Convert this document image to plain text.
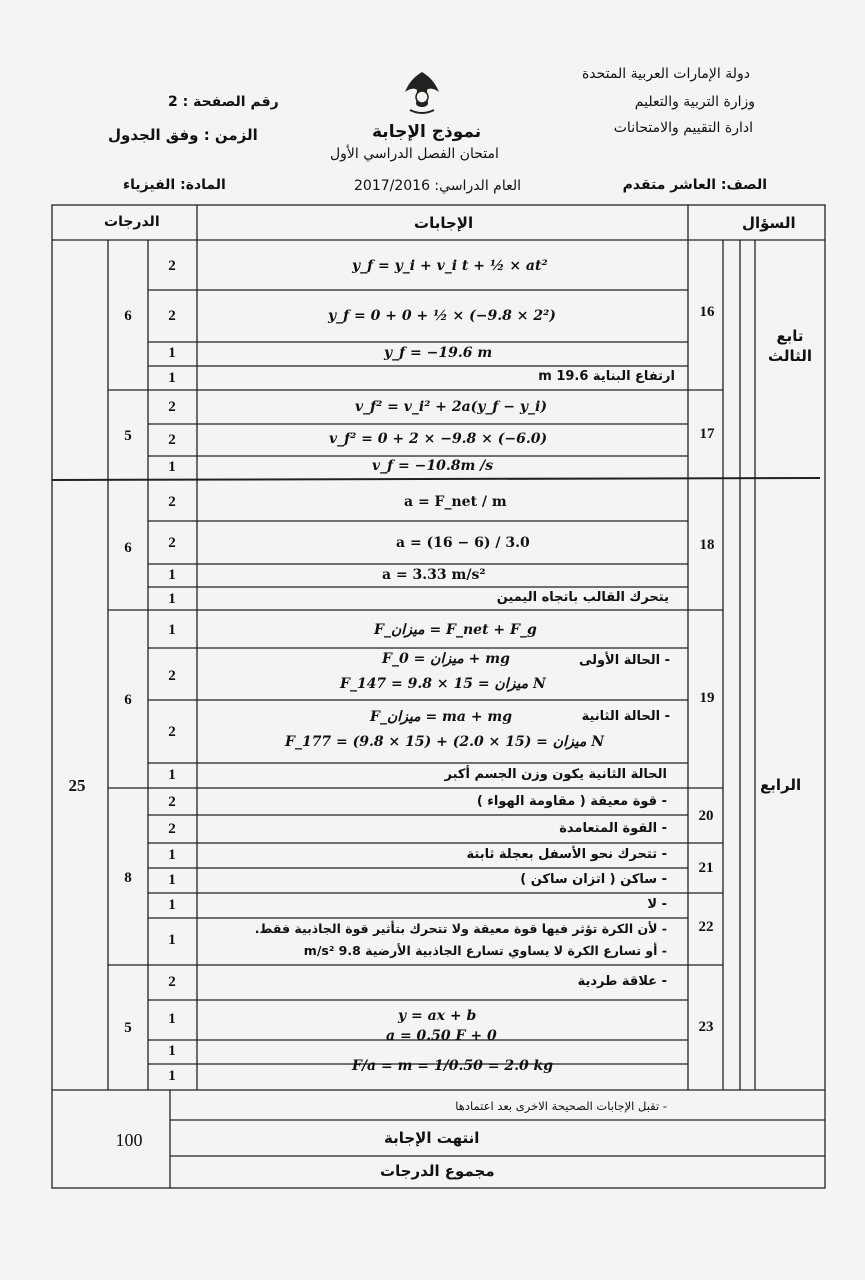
دولة الإمارات العربية المتحدة
وزارة التربية والتعليم
ادارة التقييم والامتحانات
رقم الصفحة : 2
نموذج الإجابة
امتحان الفصل الدراسي الأول
الزمن : وفق الجدول
الصف: العاشر متقدم
العام الدراسي: 2017/2016
المادة: الفيزياء
السؤال
الإجابات
الدرجات
تابع الثالث
الرابع
25
16
6
2
2
1
1
y_f = y_i + v_i t + ½ × at²
y_f = 0 + 0 + ½ × (−9.8 × 2²)
y_f = −19.6 m
ارتفاع البناية 19.6 m
17
5
2
2
1
v_f² = v_i² + 2a(y_f − y_i)
v_f² = 0 + 2 × −9.8 × (−6.0)
v_f = −10.8m /s
18
6
2
2
1
1
a = F_net / m
a = (16 − 6) / 3.0
a = 3.33 m/s²
يتحرك القالب باتجاه اليمين
19
6
1
2
2
1
F_ميزان = F_net + F_g
- الحالة الأولى
F_ميزان = 0 + mg
F_ميزان = 15 × 9.8 = 147 N
- الحالة الثانية
F_ميزان = ma + mg
F_ميزان = (15 × 2.0) + (15 × 9.8) = 177 N
الحالة الثانية يكون وزن الجسم أكبر
8
20
21
22
2
2
1
1
1
1
- قوة معيقة ( مقاومة الهواء )
- القوة المتعامدة
- تتحرك نحو الأسفل بعجلة ثابتة
- ساكن ( اتزان ساكن )
- لا
- لأن الكرة تؤثر فيها قوة معيقة ولا تتحرك بتأثير قوة الجاذبية فقط.
- أو تسارع الكرة لا يساوي تسارع الجاذبية الأرضية 9.8 m/s²
23
5
2
1
1
1
- علاقة طردية
y = ax + b
a = 0.50 F + 0
F/a = m = 1/0.50 = 2.0 kg
- تقبل الإجابات الصحيحة الاخرى بعد اعتمادها
100	انتهت الإجابة
مجموع الدرجات
